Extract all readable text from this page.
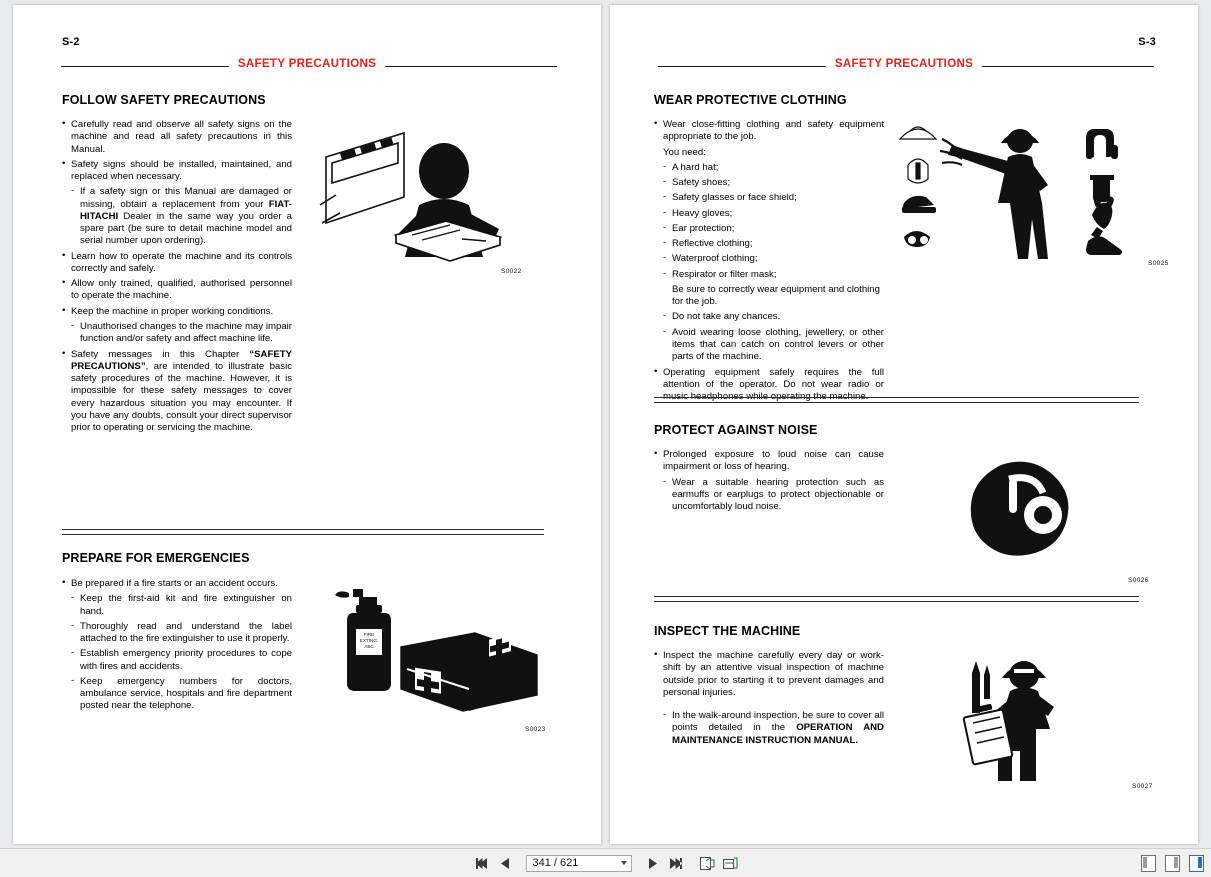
S-2
SAFETY PRECAUTIONS
FOLLOW SAFETY PRECAUTIONS
• Carefully read and observe all safety signs on the machine and read all safety precautions in this Manual.
• Safety signs should be installed, maintained, and replaced when necessary.
- If a safety sign or this Manual are damaged or missing, obtain a replacement from your FIAT-HITACHI Dealer in the same way you order a spare part (be sure to detail machine model and serial number upon ordering).
• Learn how to operate the machine and its controls correctly and safely.
• Allow only trained, qualified, authorised personnel to operate the machine.
• Keep the machine in proper working conditions.
- Unauthorised changes to the machine may impair function and/or safety and affect machine life.
• Safety messages in this Chapter “SAFETY PRECAUTIONS”, are intended to illustrate basic safety procedures of the machine. However, it is impossible for these safety messages to cover every hazardous situation you may encounter. If you have any doubts, consult your direct supervisor prior to operating or servicing the machine.
S0022
PREPARE FOR EMERGENCIES
• Be prepared if a fire starts or an accident occurs.
- Keep the first-aid kit and fire extinguisher on hand.
- Thoroughly read and understand the label attached to the fire extinguisher to use it properly.
- Establish emergency priority procedures to cope with fires and accidents.
- Keep emergency numbers for doctors, ambulance service, hospitals and fire department posted near the telephone.
FIRE
EXTING.
ABC
S0023
S-3
SAFETY PRECAUTIONS
WEAR PROTECTIVE CLOTHING
• Wear close-fitting clothing and safety equipment appropriate to the job.
You need:
- A hard hat;
- Safety shoes;
- Safety glasses or face shield;
- Heavy gloves;
- Ear protection;
- Reflective clothing;
- Waterproof clothing;
- Respirator or filter mask;
Be sure to correctly wear equipment and clothing for the job.
- Do not take any chances.
- Avoid wearing loose clothing, jewellery, or other items that can catch on control levers or other parts of the machine.
• Operating equipment safely requires the full attention of the operator. Do not wear radio or music headphones while operating the machine.
S0025
PROTECT AGAINST NOISE
• Prolonged exposure to loud noise can cause impairment or loss of hearing.
- Wear a suitable hearing protection such as earmuffs or earplugs to protect objectionable or uncomfortably loud noise.
S0026
INSPECT THE MACHINE
• Inspect the machine carefully every day or work-shift by an attentive visual inspection of machine outside prior to starting it to prevent damages and personal injuries.
- In the walk-around inspection, be sure to cover all points detailed in the OPERATION AND MAINTENANCE INSTRUCTION MANUAL.
S0027
341 / 621
